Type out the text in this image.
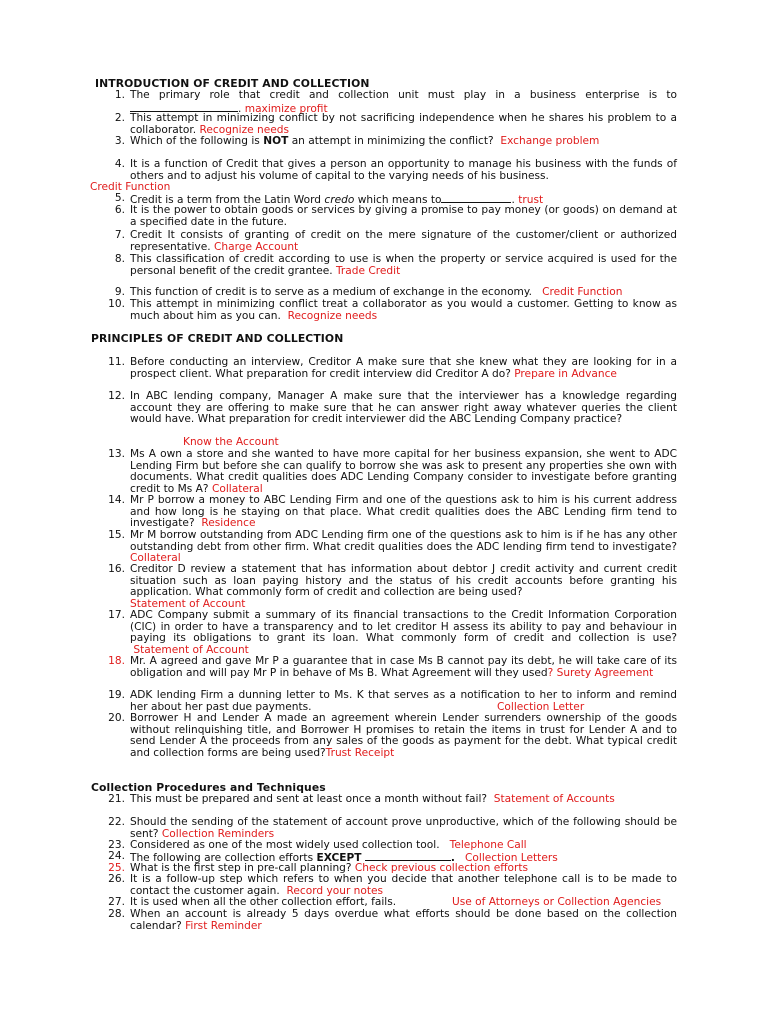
INTRODUCTION OF CREDIT AND COLLECTION
1. The primary role that credit and collection unit must play in a business enterprise is to . maximize profit
2. This attempt in minimizing conflict by not sacrificing independence when he shares his problem to a collaborator. Recognize needs
3. Which of the following is NOT an attempt in minimizing the conflict? Exchange problem
4. It is a function of Credit that gives a person an opportunity to manage his business with the funds of others and to adjust his volume of capital to the varying needs of his business.
Credit Function
5. Credit is a term from the Latin Word credo which means to	. trust
6. It is the power to obtain goods or services by giving a promise to pay money (or goods) on demand at a specified date in the future.
7. Credit It consists of granting of credit on the mere signature of the customer/client or authorized representative. Charge Account
8. This classification of credit according to use is when the property or service acquired is used for the personal benefit of the credit grantee. Trade Credit
9. This function of credit is to serve as a medium of exchange in the economy. Credit Function
10. This attempt in minimizing conflict treat a collaborator as you would a customer. Getting to know as much about him as you can. Recognize needs
PRINCIPLES OF CREDIT AND COLLECTION
11. Before conducting an interview, Creditor A make sure that she knew what they are looking for in a prospect client. What preparation for credit interview did Creditor A do? Prepare in Advance
12. In ABC lending company, Manager A make sure that the interviewer has a knowledge regarding account they are offering to make sure that he can answer right away whatever queries the client would have. What preparation for credit interviewer did the ABC Lending Company practice?
Know the Account
13. Ms A own a store and she wanted to have more capital for her business expansion, she went to ADC Lending Firm but before she can qualify to borrow she was ask to present any properties she own with documents. What credit qualities does ADC Lending Company consider to investigate before granting credit to Ms A? Collateral
14. Mr P borrow a money to ABC Lending Firm and one of the questions ask to him is his current address and how long is he staying on that place. What credit qualities does the ABC Lending firm tend to investigate? Residence
15. Mr M borrow outstanding from ADC Lending firm one of the questions ask to him is if he has any other outstanding debt from other firm. What credit qualities does the ADC lending firm tend to investigate? Collateral
16. Creditor D review a statement that has information about debtor J credit activity and current credit situation such as loan paying history and the status of his credit accounts before granting his application. What commonly form of credit and collection are being used?
Statement of Account
17. ADC Company submit a summary of its financial transactions to the Credit Information Corporation (CIC) in order to have a transparency and to let creditor H assess its ability to pay and behaviour in paying its obligations to grant its loan. What commonly form of credit and collection is use?  Statement of Account
18. Mr. A agreed and gave Mr P a guarantee that in case Ms B cannot pay its debt, he will take care of its obligation and will pay Mr P in behave of Ms B. What Agreement will they used? Surety Agreement
19. ADK lending Firm a dunning letter to Ms. K that serves as a notification to her to inform and remind her about her past due payments.	Collection Letter
20. Borrower H and Lender A made an agreement wherein Lender surrenders ownership of the goods without relinquishing title, and Borrower H promises to retain the items in trust for Lender A and to send Lender A the proceeds from any sales of the goods as payment for the debt. What typical credit and collection forms are being used?Trust Receipt
Collection Procedures and Techniques
21. This must be prepared and sent at least once a month without fail? Statement of Accounts
22. Should the sending of the statement of account prove unproductive, which of the following should be sent? Collection Reminders
23. Considered as one of the most widely used collection tool. Telephone Call
24. The following are collection efforts EXCEPT	. Collection Letters
25. What is the first step in pre-call planning? Check previous collection efforts
26. It is a follow-up step which refers to when you decide that another telephone call is to be made to contact the customer again. Record your notes
27. It is used when all the other collection effort, fails.	Use of Attorneys or Collection Agencies
28. When an account is already 5 days overdue what efforts should be done based on the collection calendar? First Reminder
